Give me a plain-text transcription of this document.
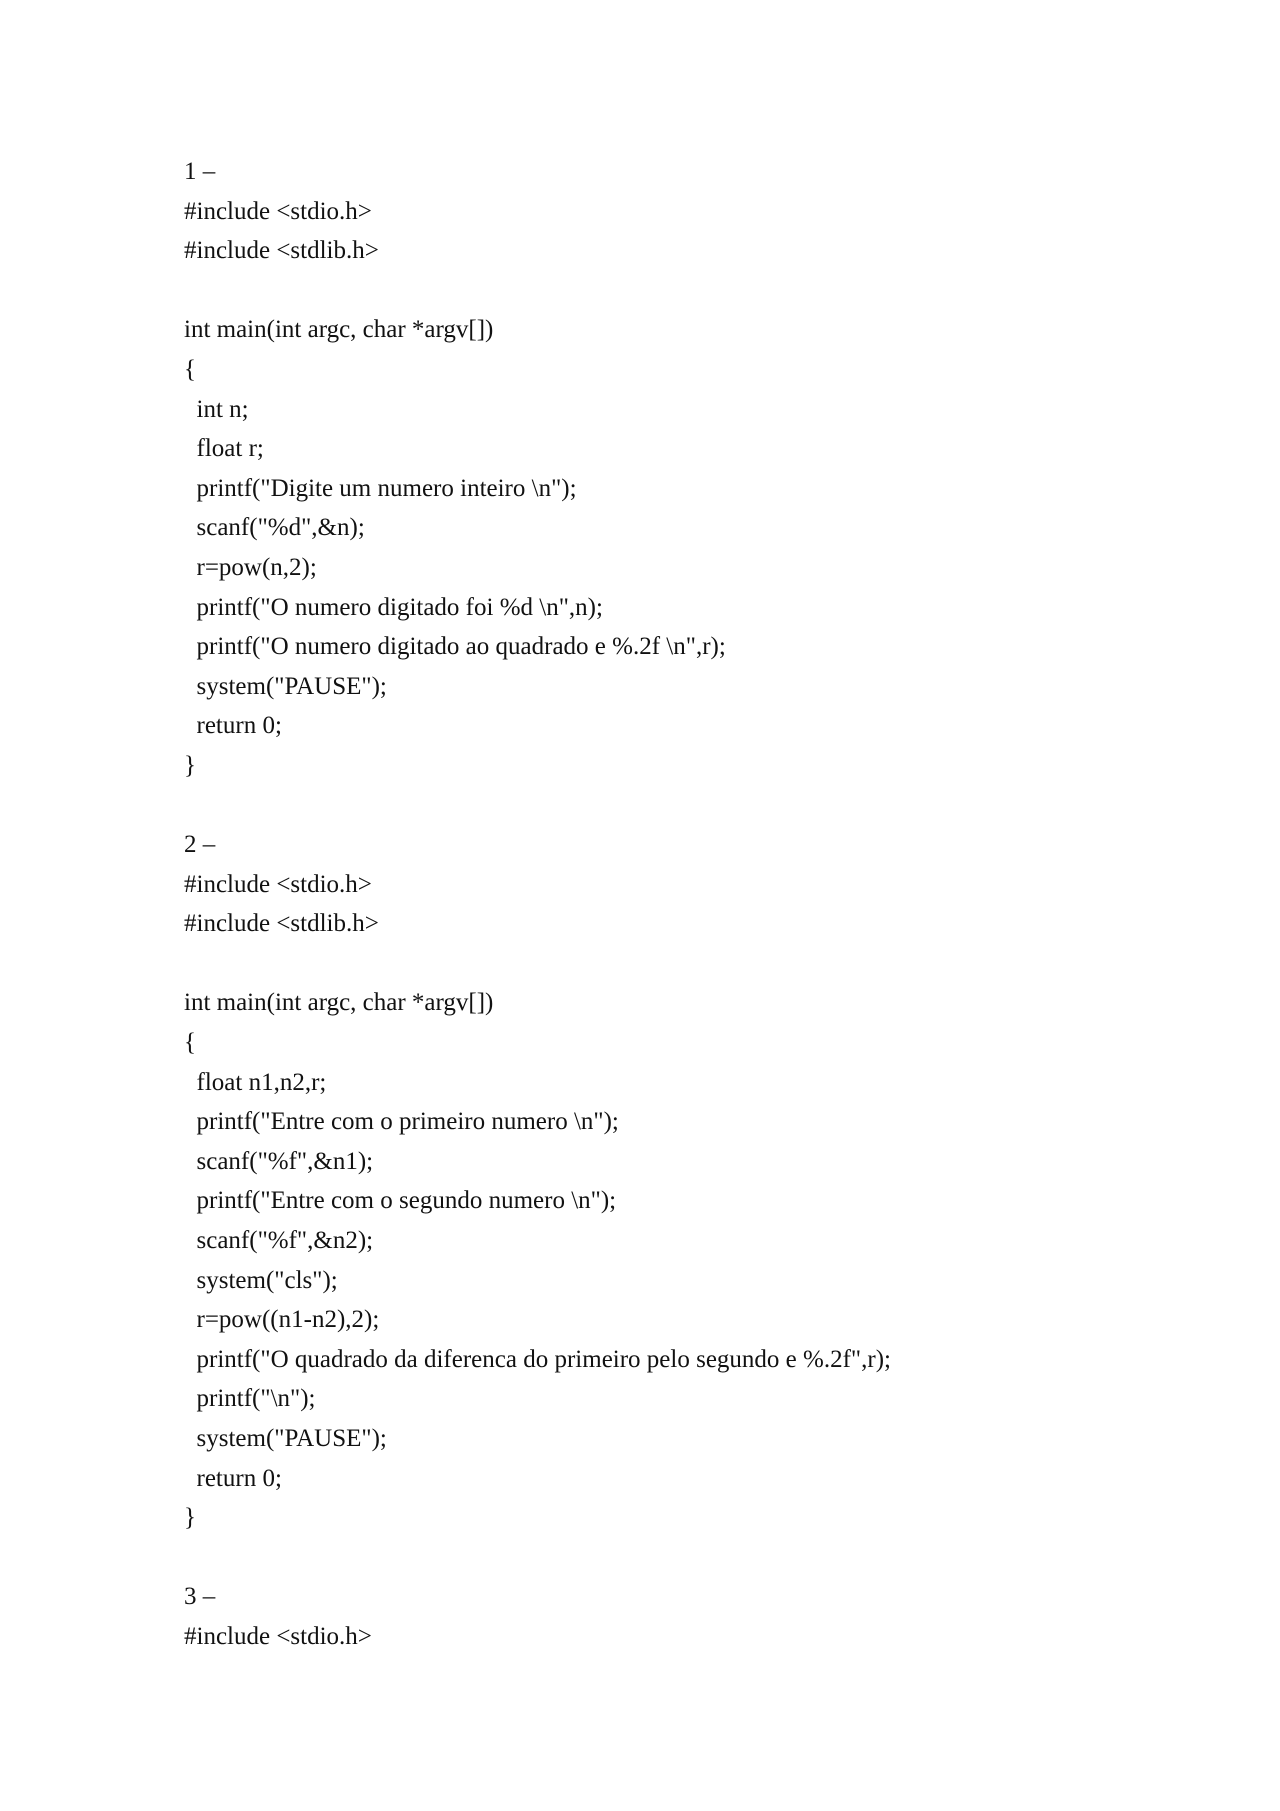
1 –
#include <stdio.h>
#include <stdlib.h>
int main(int argc, char *argv[])
{
int n;
float r;
printf("Digite um numero inteiro \n");
scanf("%d",&n);
r=pow(n,2);
printf("O numero digitado foi %d \n",n);
printf("O numero digitado ao quadrado e %.2f \n",r);
system("PAUSE");
return 0;
}
2 –
#include <stdio.h>
#include <stdlib.h>
int main(int argc, char *argv[])
{
float n1,n2,r;
printf("Entre com o primeiro numero \n");
scanf("%f",&n1);
printf("Entre com o segundo numero \n");
scanf("%f",&n2);
system("cls");
r=pow((n1-n2),2);
printf("O quadrado da diferenca do primeiro pelo segundo e %.2f",r);
printf("\n");
system("PAUSE");
return 0;
}
3 –
#include <stdio.h>
